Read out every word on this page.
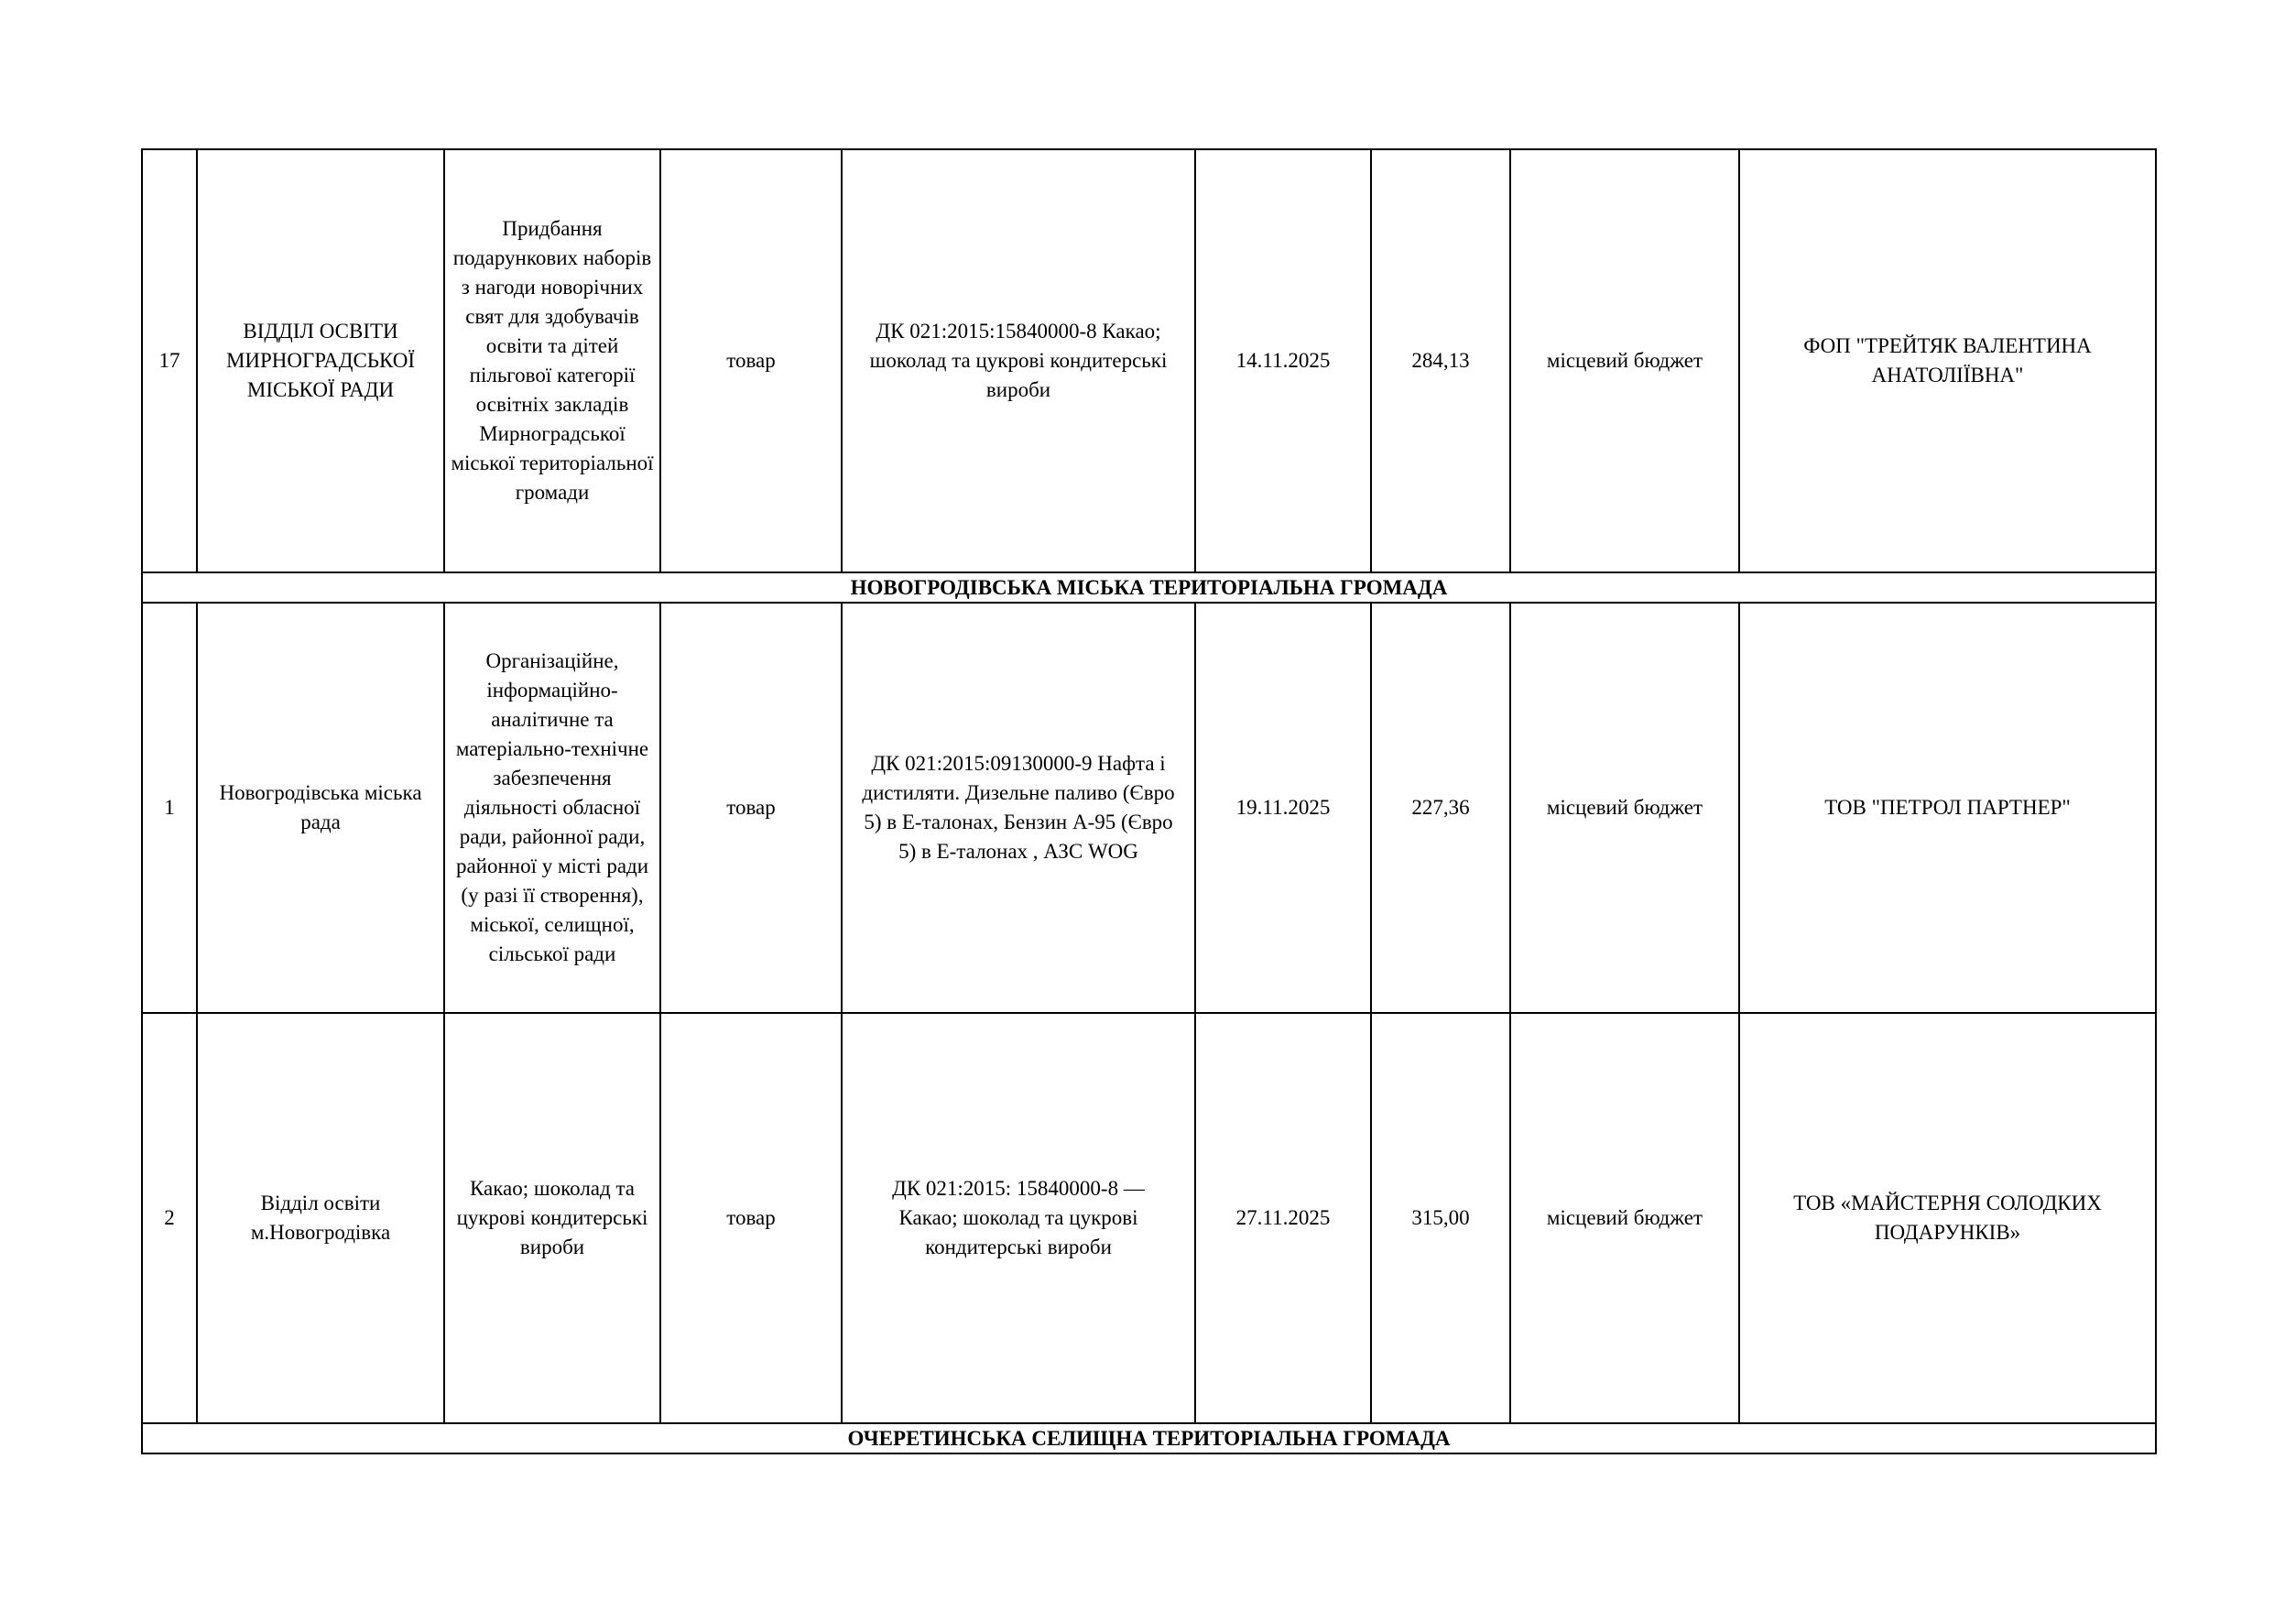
17	ВІДДІЛ ОСВІТИ МИРНОГРАДСЬКОЇ МІСЬКОЇ РАДИ	Придбання подарункових наборів з нагоди новорічних свят для здобувачів освіти та дітей пільгової категорії освітніх закладів Мирноградської міської територіальної громади	товар	ДК 021:2015:15840000-8 Какао; шоколад та цукрові кондитерські вироби	14.11.2025	284,13	місцевий бюджет	ФОП "ТРЕЙТЯК ВАЛЕНТИНА АНАТОЛІЇВНА"
НОВОГРОДІВСЬКА МІСЬКА ТЕРИТОРІАЛЬНА ГРОМАДА								
1	Новогродівська міська рада	Організаційне, інформаційно-аналітичне та матеріально-технічне забезпечення діяльності обласної ради, районної ради, районної у місті ради (у разі її створення), міської, селищної, сільської ради	товар	ДК 021:2015:09130000-9 Нафта і дистиляти. Дизельне паливо (Євро 5) в Е-талонах, Бензин А-95 (Євро 5) в Е-талонах , АЗС WOG	19.11.2025	227,36	місцевий бюджет	ТОВ "ПЕТРОЛ ПАРТНЕР"
2	Відділ освіти м.Новогродівка	Какао; шоколад та цукрові кондитерські вироби	товар	ДК 021:2015: 15840000-8 — Какао; шоколад та цукрові кондитерські вироби	27.11.2025	315,00	місцевий бюджет	ТОВ «МАЙСТЕРНЯ СОЛОДКИХ ПОДАРУНКІВ»
ОЧЕРЕТИНСЬКА СЕЛИЩНА ТЕРИТОРІАЛЬНА ГРОМАДА								
